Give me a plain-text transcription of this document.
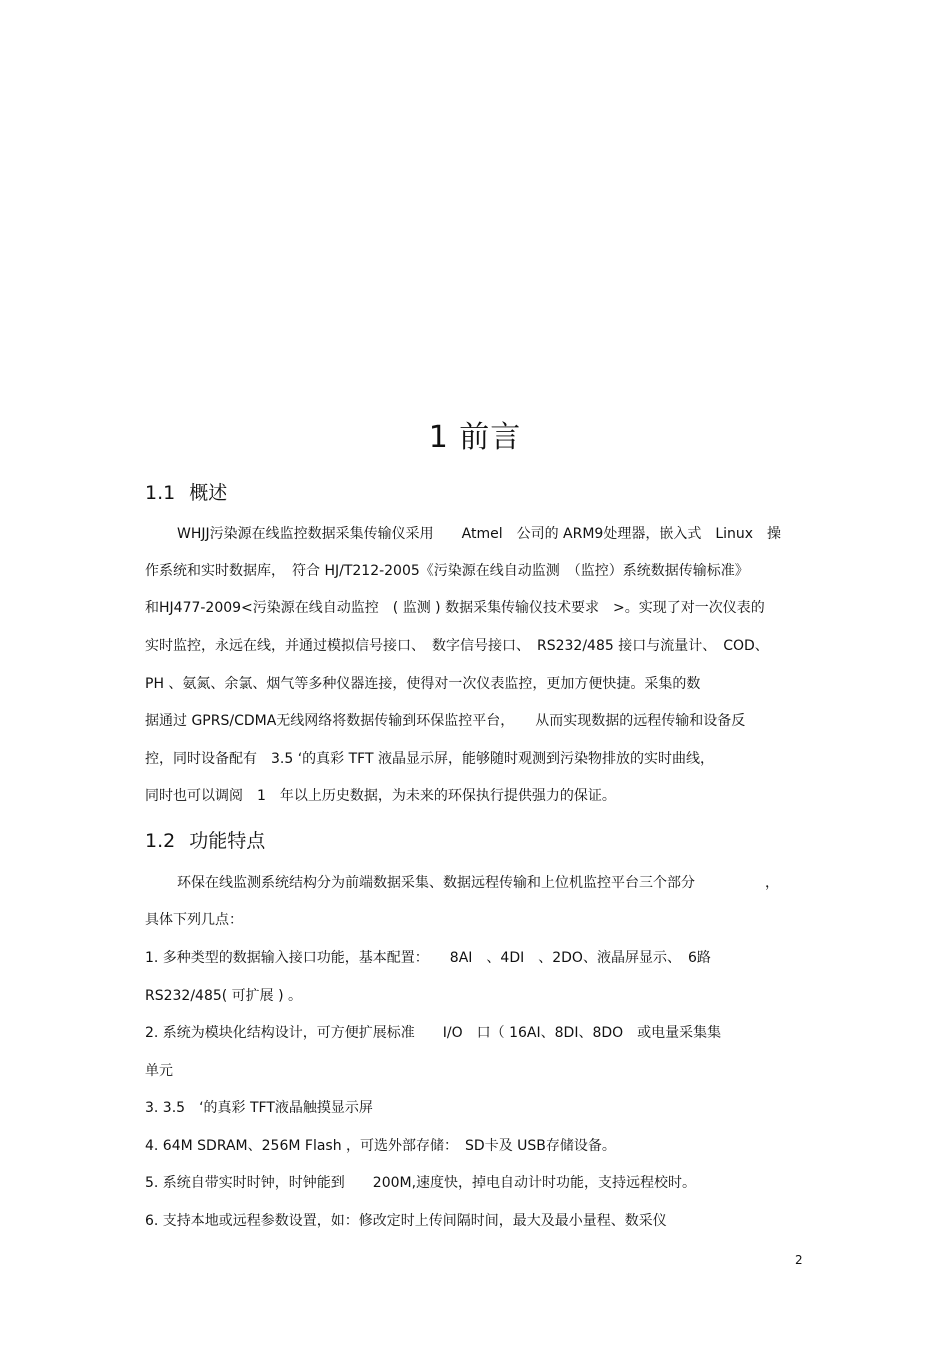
1 前言
1.1 概述

WHJJ污染源在线监控数据采集传输仪采用　　Atmel　公司的 ARM9处理器，嵌入式　Linux　操

作系统和实时数据库，　符合 HJ/T212-2005《污染源在线自动监测　（监控）系统数据传输标准》

和HJ477-2009<污染源在线自动监控　( 监测 ) 数据采集传输仪技术要求　>。实现了对一次仪表的

实时监控，永远在线，并通过模拟信号接口、　数字信号接口、　RS232/485 接口与流量计、　COD、

PH 、氨氮、余氯、烟气等多种仪器连接，使得对一次仪表监控，更加方便快捷。采集的数

据通过 GPRS/CDMA无线网络将数据传输到环保监控平台，　　从而实现数据的远程传输和设备反

控，同时设备配有　3.5 ‘的真彩 TFT 液晶显示屏，能够随时观测到污染物排放的实时曲线，

同时也可以调阅　1　年以上历史数据，为未来的环保执行提供强力的保证。

1.2 功能特点

环保在线监测系统结构分为前端数据采集、数据远程传输和上位机监控平台三个部分　　　　　，

具体下列几点：

1. 多种类型的数据输入接口功能，基本配置：　　8AI　、4DI　、2DO、液晶屏显示、　6路

RS232/485( 可扩展 ) 。

2. 系统为模块化结构设计，可方便扩展标准　　I/O　口（ 16AI、8DI、8DO　或电量采集集

单元

3. 3.5　‘的真彩 TFT液晶触摸显示屏

4. 64M SDRAM、256M Flash ，可选外部存储：　SD卡及 USB存储设备。

5. 系统自带实时时钟，时钟能到　　200M,速度快，掉电自动计时功能，支持远程校时。

6. 支持本地或远程参数设置，如：修改定时上传间隔时间，最大及最小量程、数采仪

2
